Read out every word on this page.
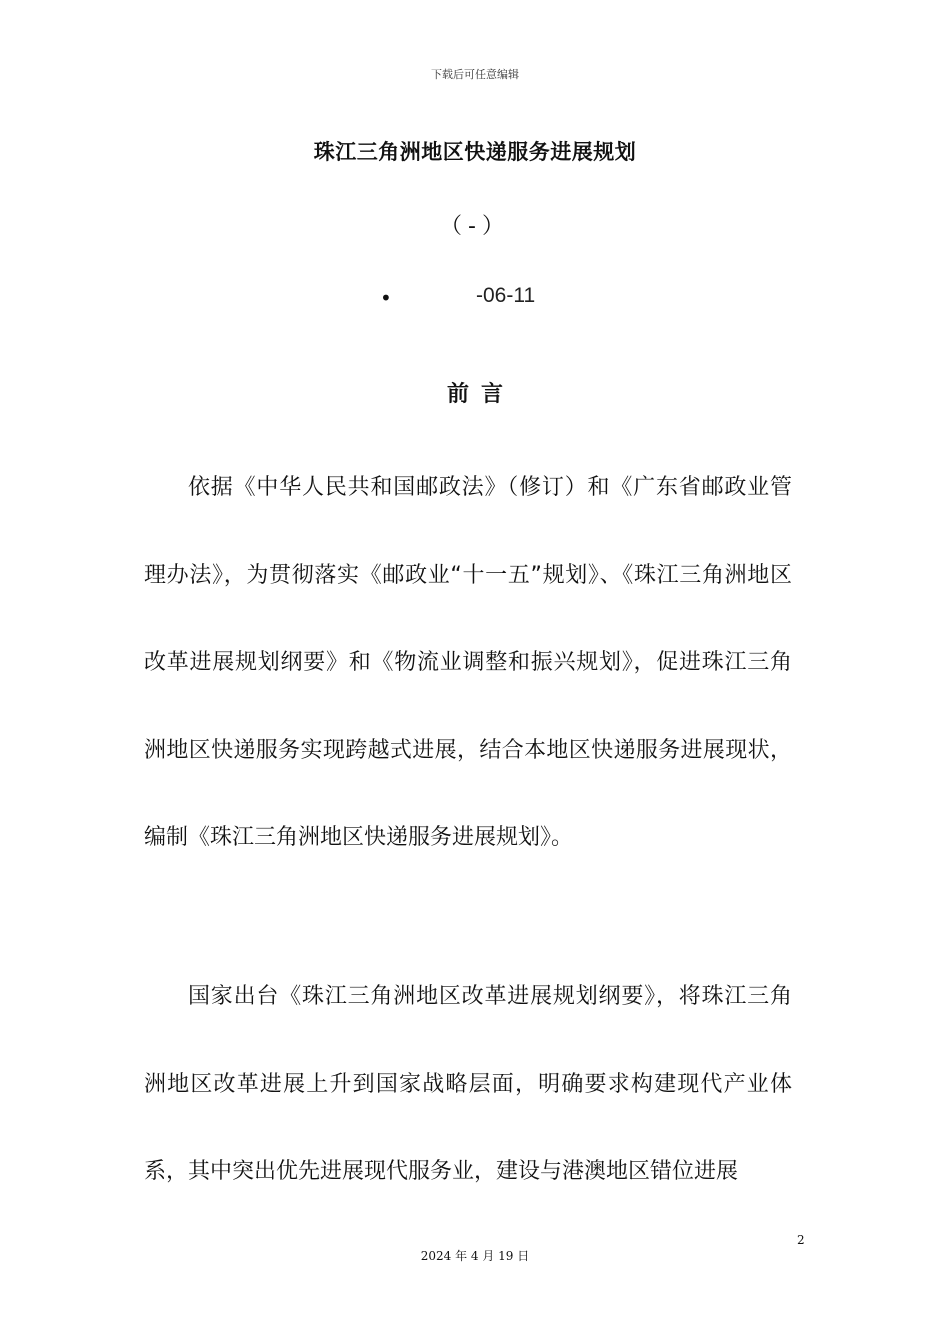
下载后可任意编辑
珠江三角洲地区快递服务进展规划
（-）
•	-06-11
前言

依据《中华人民共和国邮政法》（修订）和《广东省邮政业管理办法》，为贯彻落实《邮政业“十一五”规划》、《珠江三角洲地区改革进展规划纲要》和《物流业调整和振兴规划》，促进珠江三角洲地区快递服务实现跨越式进展，结合本地区快递服务进展现状，编制《珠江三角洲地区快递服务进展规划》。

国家出台《珠江三角洲地区改革进展规划纲要》，将珠江三角洲地区改革进展上升到国家战略层面，明确要求构建现代产业体系，其中突出优先进展现代服务业，建设与港澳地区错位进展

2
2024 年 4 月 19 日
